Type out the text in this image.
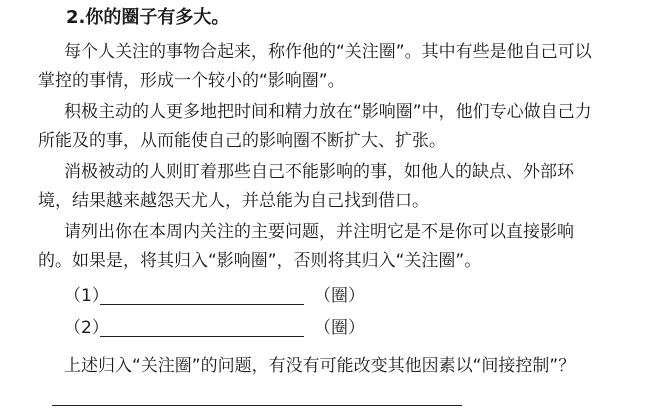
2.你的圈子有多大。
每个人关注的事物合起来，称作他的“关注圈”。其中有些是他自己可以
掌控的事情，形成一个较小的“影响圈”。
积极主动的人更多地把时间和精力放在“影响圈”中，他们专心做自己力
所能及的事，从而能使自己的影响圈不断扩大、扩张。
消极被动的人则盯着那些自己不能影响的事，如他人的缺点、外部环
境，结果越来越怨天尤人，并总能为自己找到借口。
请列出你在本周内关注的主要问题，并注明它是不是你可以直接影响
的。如果是，将其归入“影响圈”，否则将其归入“关注圈”。
（1）	（圈）
（2）	（圈）
上述归入“关注圈”的问题，有没有可能改变其他因素以“间接控制”？
